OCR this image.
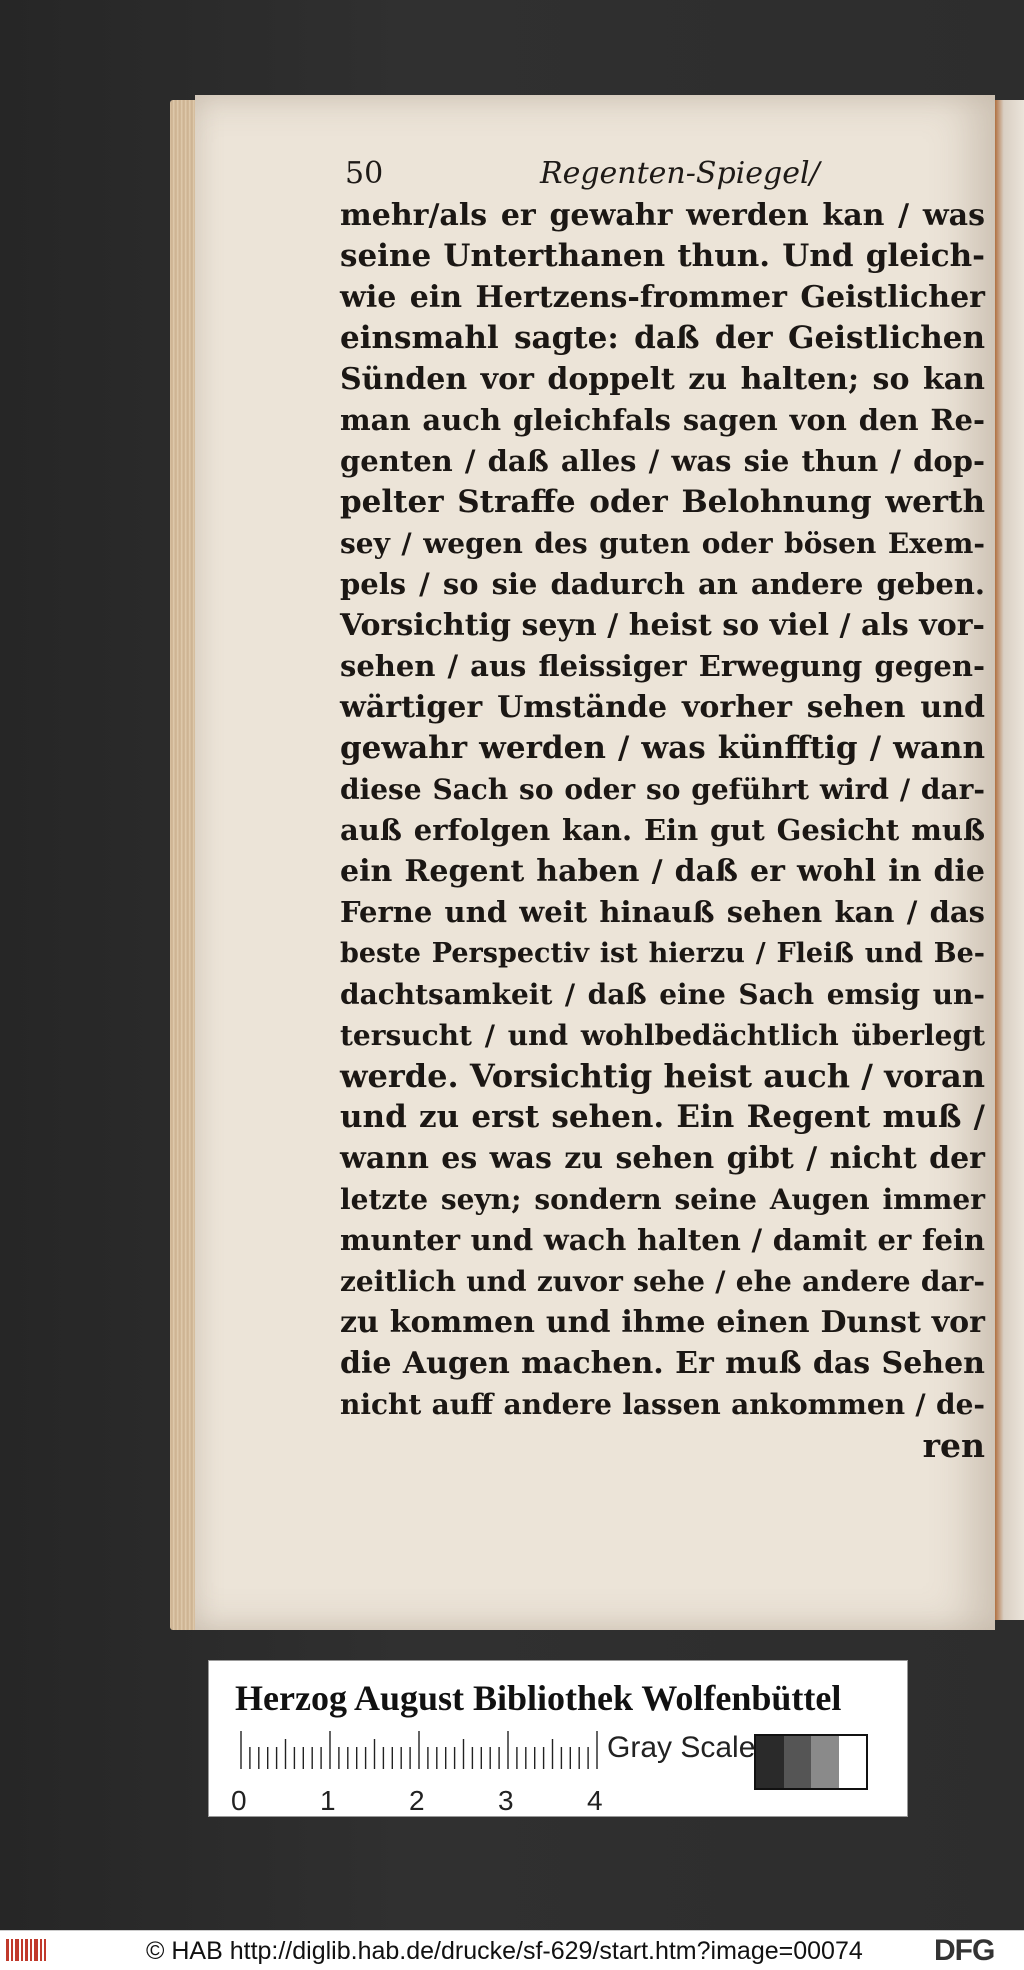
50	Regenten-Spiegel/
mehr/als er gewahr werden kan / was
seine Unterthanen thun. Und gleich-
wie ein Hertzens-frommer Geistlicher
einsmahl sagte: daß der Geistlichen
Sünden vor doppelt zu halten; so kan
man auch gleichfals sagen von den Re-
genten / daß alles / was sie thun / dop-
pelter Straffe oder Belohnung werth
sey / wegen des guten oder bösen Exem-
pels / so sie dadurch an andere geben.
Vorsichtig seyn / heist so viel / als vor-
sehen / aus fleissiger Erwegung gegen-
wärtiger Umstände vorher sehen und
gewahr werden / was künfftig / wann
diese Sach so oder so geführt wird / dar-
auß erfolgen kan. Ein gut Gesicht muß
ein Regent haben / daß er wohl in die
Ferne und weit hinauß sehen kan / das
beste Perspectiv ist hierzu / Fleiß und Be-
dachtsamkeit / daß eine Sach emsig un-
tersucht / und wohlbedächtlich überlegt
werde. Vorsichtig heist auch / voran
und zu erst sehen. Ein Regent muß /
wann es was zu sehen gibt / nicht der
letzte seyn; sondern seine Augen immer
munter und wach halten / damit er fein
zeitlich und zuvor sehe / ehe andere dar-
zu kommen und ihme einen Dunst vor
die Augen machen. Er muß das Sehen
nicht auff andere lassen ankommen / de-
ren
Herzog August Bibliothek Wolfenbüttel
0	1	2	3	4
Gray Scale
© HAB http://diglib.hab.de/drucke/sf-629/start.htm?image=00074 DFG
